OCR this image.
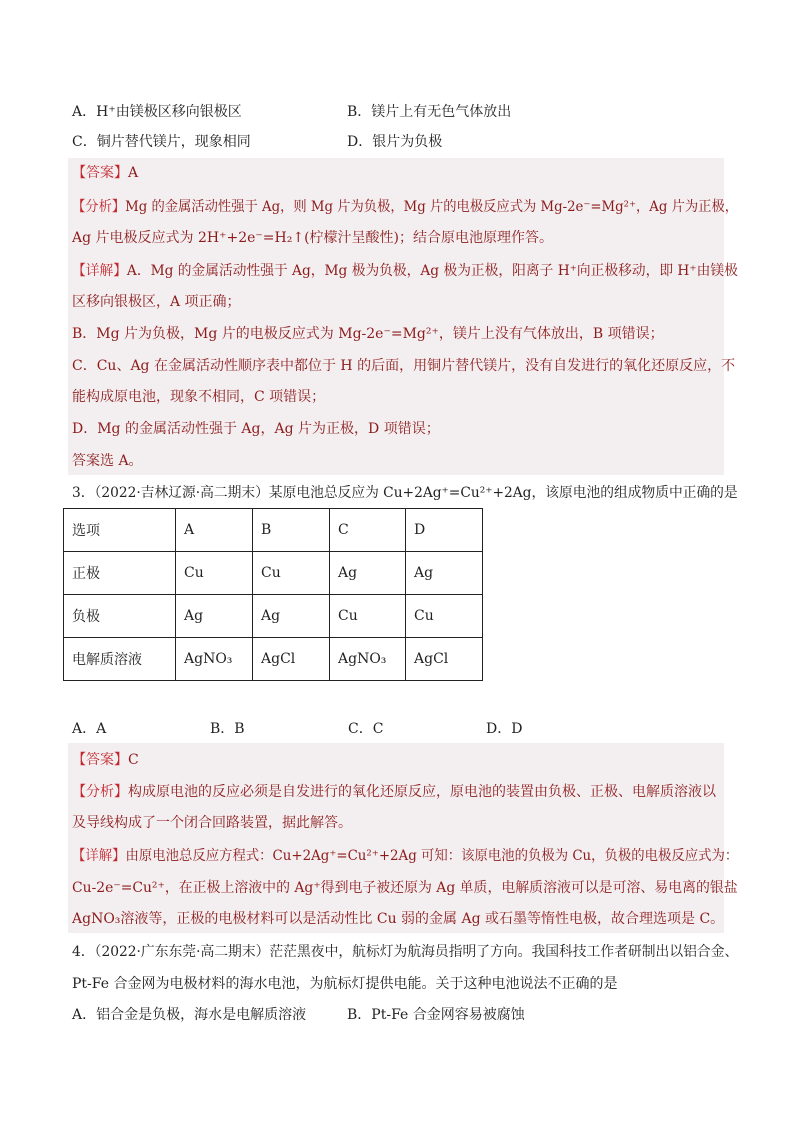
A．H⁺由镁极区移向银极区	B．镁片上有无色气体放出
C．铜片替代镁片，现象相同	D．银片为负极
【答案】A
【分析】Mg 的金属活动性强于 Ag，则 Mg 片为负极，Mg 片的电极反应式为 Mg-2e⁻=Mg²⁺，Ag 片为正极，
Ag 片电极反应式为 2H⁺+2e⁻=H₂↑(柠檬汁呈酸性)；结合原电池原理作答。
【详解】A．Mg 的金属活动性强于 Ag，Mg 极为负极，Ag 极为正极，阳离子 H⁺向正极移动，即 H⁺由镁极
区移向银极区，A 项正确；
B．Mg 片为负极，Mg 片的电极反应式为 Mg-2e⁻=Mg²⁺，镁片上没有气体放出，B 项错误；
C．Cu、Ag 在金属活动性顺序表中都位于 H 的后面，用铜片替代镁片，没有自发进行的氧化还原反应，不
能构成原电池，现象不相同，C 项错误；
D．Mg 的金属活动性强于 Ag，Ag 片为正极，D 项错误；
答案选 A。
3．（2022·吉林辽源·高二期末）某原电池总反应为 Cu+2Ag⁺=Cu²⁺+2Ag，该原电池的组成物质中正确的是
选项	A	B	C	D
正极	Cu	Cu	Ag	Ag
负极	Ag	Ag	Cu	Cu
电解质溶液	AgNO₃	AgCl	AgNO₃	AgCl
A．A	B．B	C．C	D．D
【答案】C
【分析】构成原电池的反应必须是自发进行的氧化还原反应，原电池的装置由负极、正极、电解质溶液以
及导线构成了一个闭合回路装置，据此解答。
【详解】由原电池总反应方程式：Cu+2Ag⁺=Cu²⁺+2Ag 可知：该原电池的负极为 Cu，负极的电极反应式为：
Cu-2e⁻=Cu²⁺，在正极上溶液中的 Ag⁺得到电子被还原为 Ag 单质，电解质溶液可以是可溶、易电离的银盐
AgNO₃溶液等，正极的电极材料可以是活动性比 Cu 弱的金属 Ag 或石墨等惰性电极，故合理选项是 C。
4．（2022·广东东莞·高二期末）茫茫黑夜中，航标灯为航海员指明了方向。我国科技工作者研制出以铝合金、
Pt-Fe 合金网为电极材料的海水电池，为航标灯提供电能。关于这种电池说法不正确的是
A．铝合金是负极，海水是电解质溶液	B．Pt-Fe 合金网容易被腐蚀
